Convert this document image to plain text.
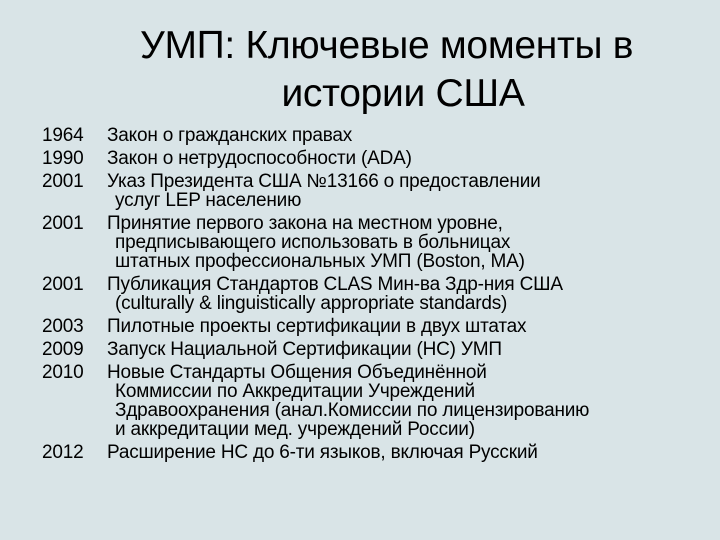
УМП: Ключевые моменты в
истории США
1964	Закон о гражданских правах
1990	Закон о нетрудоспособности (ADA)
2001	Указ Президента США №13166 о предоставлении
услуг LEP населению
2001	Принятие первого закона на местном уровне,
предписывающего использовать в больницах
штатных профессиональных УМП (Boston, MA)
2001	Публикация Стандартов CLAS Мин-ва Здр-ния США
(culturally & linguistically appropriate standards)
2003	Пилотные проекты сертификации в двух штатах
2009	Запуск Нациальной Сертификации (НС) УМП
2010	Новые Стандарты Общения Объединённой
Коммиссии по Аккредитации Учреждений
Здравоохранения (анал.Комиссии по лицензированию
и аккредитации мед. учреждений России)
2012	Расширение НС до 6-ти языков, включая Русский
